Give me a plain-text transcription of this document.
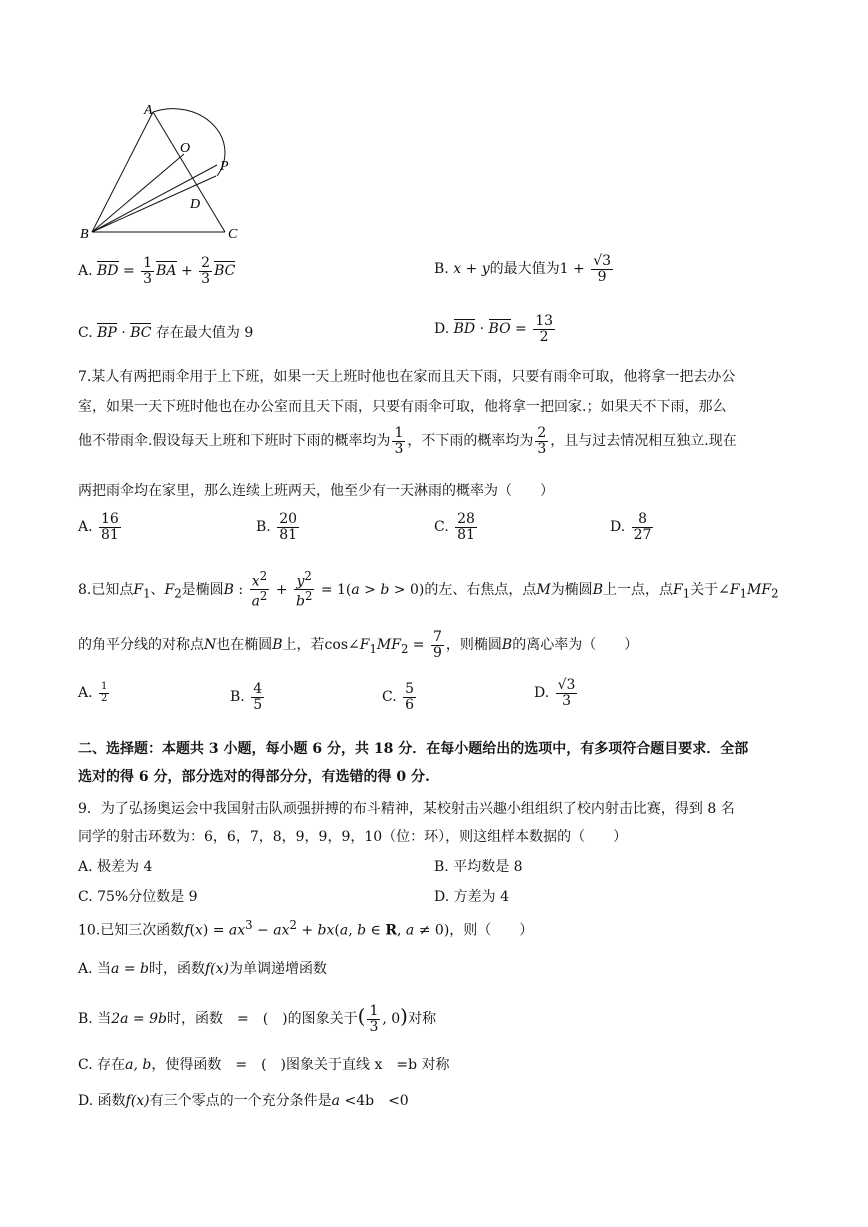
A
O
P
D
B	C
A. BD = $\frac{1}{3}$ BA + $\frac{2}{3}$ BC	B. x + y的最大值为$1 + \frac{√3}{9}$
C. BP · BC 存在最大值为 9	D. BD · BO = $\frac{13}{2}$
7.某人有两把雨伞用于上下班，如果一天上班时他也在家而且天下雨，只要有雨伞可取，他将拿一把去办公
室，如果一天下班时他也在办公室而且天下雨，只要有雨伞可取，他将拿一把回家.；如果天不下雨，那么
他不带雨伞.假设每天上班和下班时下雨的概率均为 $\frac{1}{3}$ ，不下雨的概率均为 $\frac{2}{3}$ ，且与过去情况相互独立.现在
两把雨伞均在家里，那么连续上班两天，他至少有一天淋雨的概率为（　　）
A. $\frac{16}{81}$	B. $\frac{20}{81}$	C. $\frac{28}{81}$	D. $\frac{8}{27}$
8.已知点$F_1$、$F_2$是椭圆B : $\frac{x^2}{a^2} + \frac{y^2}{b^2} = 1(a > b > 0)$的左、右焦点，点M为椭圆B上一点，点$F_1$关于$\angle F_1MF_2$
的角平分线的对称点N也在椭圆B上，若$\cos\angle F_1MF_2 = \frac{7}{9}$ ，则椭圆B的离心率为（　　）
A. $\frac{1}{2}$	B. $\frac{4}{5}$	C. $\frac{5}{6}$	D. $\frac{√3}{3}$
二、选择题：本题共 3 小题，每小题 6 分，共 18 分．在每小题给出的选项中，有多项符合题目要求．全部
选对的得 6 分，部分选对的得部分分，有选错的得 0 分.
9．为了弘扬奥运会中我国射击队顽强拼搏的布斗精神，某校射击兴趣小组组织了校内射击比赛，得到 8 名
同学的射击环数为：6，6，7，8，9，9，9，10（位：环），则这组样本数据的（　　）
A. 极差为 4	B. 平均数是 8
C. 75%分位数是 9	D. 方差为 4
10.已知三次函数$f(x) = ax^3 - ax^2 + bx(a$, b ∈ R, a ≠ 0)，则（　　）
A. 当a = b时，函数f(x)为单调递增函数
B. 当2a = 9b时，函数　=　(　)的图象关于( $\frac{1}{3}$ , 0)对称
C. 存在a, b，使得函数　=　(　)图象关于直线 x　=b 对称
D. 函数f(x)有三个零点的一个充分条件是a <4b　<0
